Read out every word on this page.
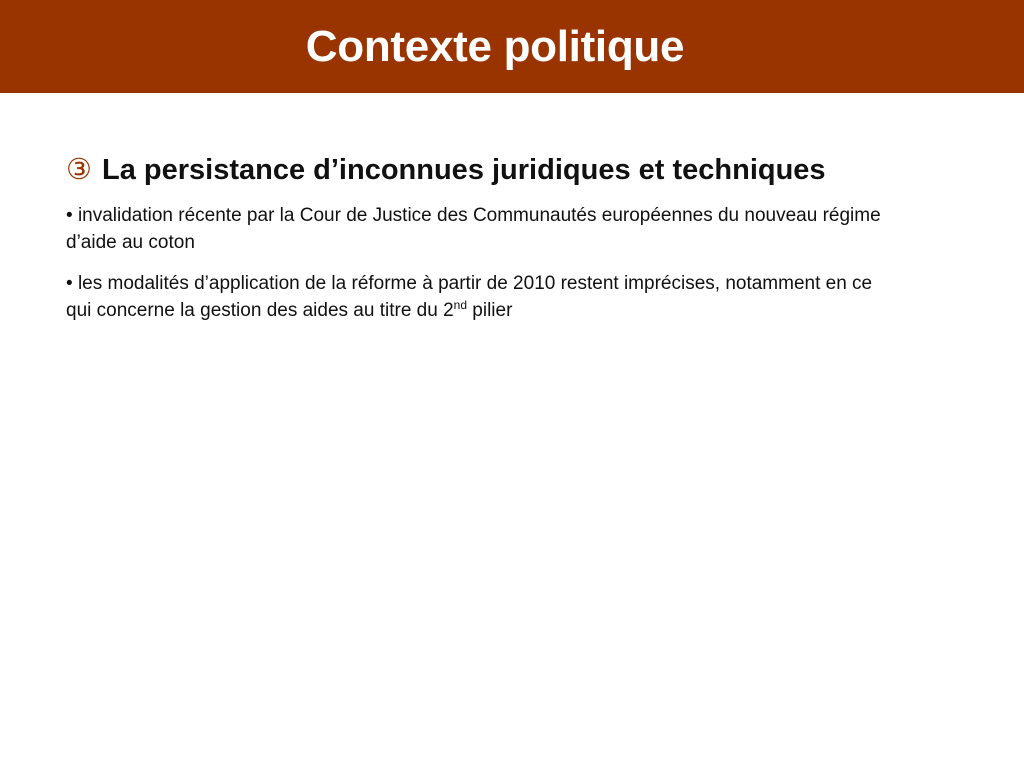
Contexte politique
③ La persistance d’inconnues juridiques et techniques
• invalidation récente par la Cour de Justice des Communautés européennes du nouveau régime d’aide au coton
• les modalités d’application de la réforme à partir de 2010 restent imprécises, notamment en ce qui concerne la gestion des aides au titre du 2nd pilier
